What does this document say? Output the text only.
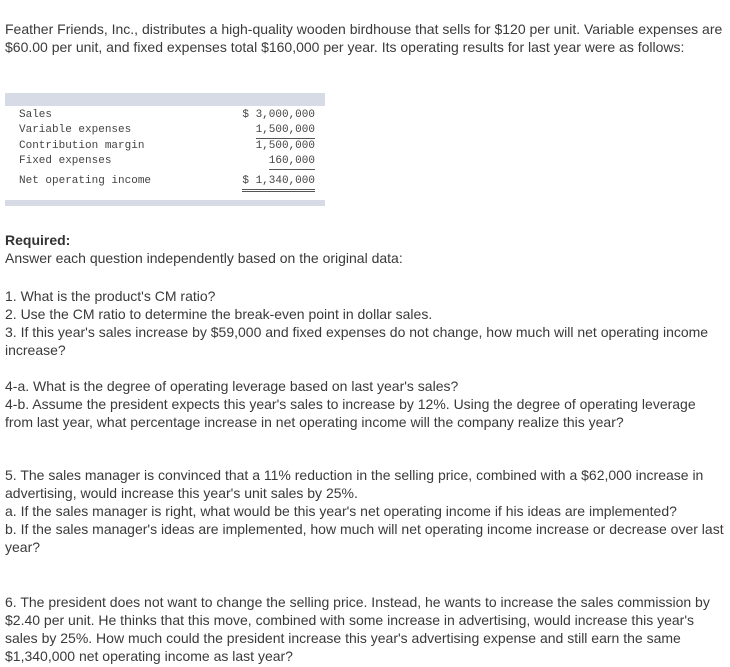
Feather Friends, Inc., distributes a high-quality wooden birdhouse that sells for $120 per unit. Variable expenses are $60.00 per unit, and fixed expenses total $160,000 per year. Its operating results for last year were as follows:

Sales	$ 3,000,000
Variable expenses	1,500,000
Contribution margin	1,500,000
Fixed expenses	160,000
Net operating income	$ 1,340,000

Required:

Answer each question independently based on the original data:

1. What is the product's CM ratio?
2. Use the CM ratio to determine the break-even point in dollar sales.
3. If this year's sales increase by $59,000 and fixed expenses do not change, how much will net operating income increase?
4-a. What is the degree of operating leverage based on last year's sales?
4-b. Assume the president expects this year's sales to increase by 12%. Using the degree of operating leverage from last year, what percentage increase in net operating income will the company realize this year?
5. The sales manager is convinced that a 11% reduction in the selling price, combined with a $62,000 increase in advertising, would increase this year's unit sales by 25%.
a. If the sales manager is right, what would be this year's net operating income if his ideas are implemented?
b. If the sales manager's ideas are implemented, how much will net operating income increase or decrease over last year?
6. The president does not want to change the selling price. Instead, he wants to increase the sales commission by $2.40 per unit. He thinks that this move, combined with some increase in advertising, would increase this year's sales by 25%. How much could the president increase this year's advertising expense and still earn the same $1,340,000 net operating income as last year?
